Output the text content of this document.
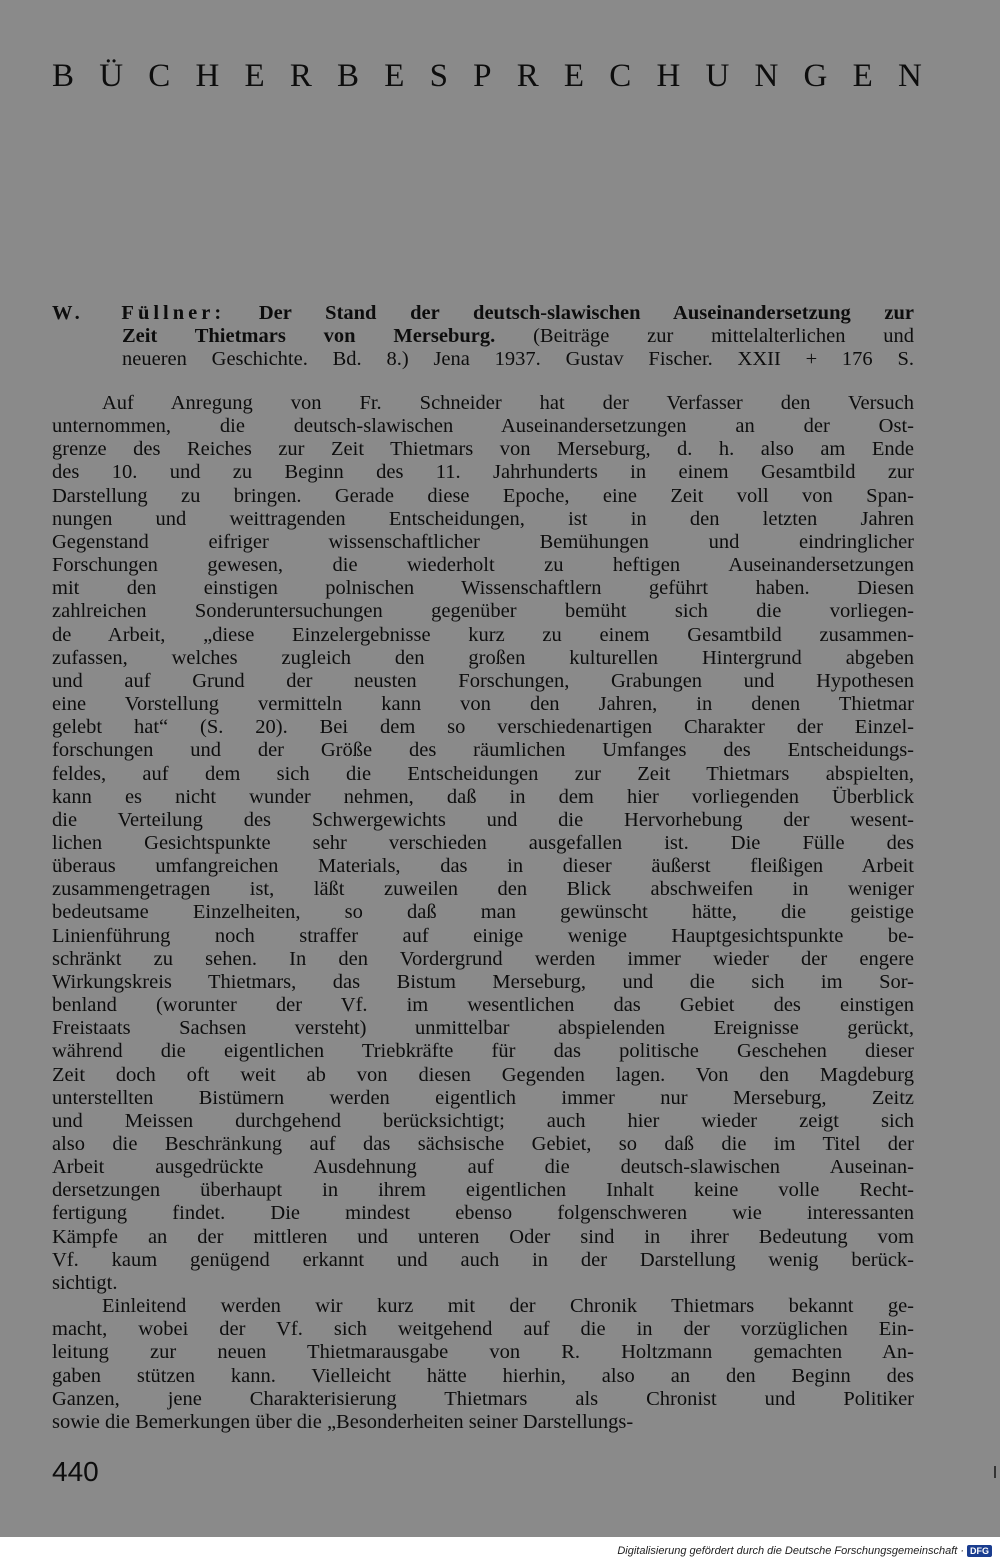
B Ü C H E R B E S P R E C H U N G E N

W. Füllner: Der Stand der deutsch-slawischen Auseinandersetzung zur

Zeit Thietmars von Merseburg. (Beiträge zur mittelalterlichen und

neueren Geschichte. Bd. 8.) Jena 1937. Gustav Fischer. XXII + 176 S.

Auf Anregung von Fr. Schneider hat der Verfasser den Versuch
unternommen, die deutsch-slawischen Auseinandersetzungen an der Ost-
grenze des Reiches zur Zeit Thietmars von Merseburg, d. h. also am Ende
des 10. und zu Beginn des 11. Jahrhunderts in einem Gesamtbild zur
Darstellung zu bringen. Gerade diese Epoche, eine Zeit voll von Span-
nungen und weittragenden Entscheidungen, ist in den letzten Jahren
Gegenstand eifriger wissenschaftlicher Bemühungen und eindringlicher
Forschungen gewesen, die wiederholt zu heftigen Auseinandersetzungen
mit den einstigen polnischen Wissenschaftlern geführt haben. Diesen
zahlreichen Sonderuntersuchungen gegenüber bemüht sich die vorliegen-
de Arbeit, „diese Einzelergebnisse kurz zu einem Gesamtbild zusammen-
zufassen, welches zugleich den großen kulturellen Hintergrund abgeben
und auf Grund der neusten Forschungen, Grabungen und Hypothesen
eine Vorstellung vermitteln kann von den Jahren, in denen Thietmar
gelebt hat“ (S. 20). Bei dem so verschiedenartigen Charakter der Einzel-
forschungen und der Größe des räumlichen Umfanges des Entscheidungs-
feldes, auf dem sich die Entscheidungen zur Zeit Thietmars abspielten,
kann es nicht wunder nehmen, daß in dem hier vorliegenden Überblick
die Verteilung des Schwergewichts und die Hervorhebung der wesent-
lichen Gesichtspunkte sehr verschieden ausgefallen ist. Die Fülle des
überaus umfangreichen Materials, das in dieser äußerst fleißigen Arbeit
zusammengetragen ist, läßt zuweilen den Blick abschweifen in weniger
bedeutsame Einzelheiten, so daß man gewünscht hätte, die geistige
Linienführung noch straffer auf einige wenige Hauptgesichtspunkte be-
schränkt zu sehen. In den Vordergrund werden immer wieder der engere
Wirkungskreis Thietmars, das Bistum Merseburg, und die sich im Sor-
benland (worunter der Vf. im wesentlichen das Gebiet des einstigen
Freistaats Sachsen versteht) unmittelbar abspielenden Ereignisse gerückt,
während die eigentlichen Triebkräfte für das politische Geschehen dieser
Zeit doch oft weit ab von diesen Gegenden lagen. Von den Magdeburg
unterstellten Bistümern werden eigentlich immer nur Merseburg, Zeitz
und Meissen durchgehend berücksichtigt; auch hier wieder zeigt sich
also die Beschränkung auf das sächsische Gebiet, so daß die im Titel der
Arbeit ausgedrückte Ausdehnung auf die deutsch-slawischen Auseinan-
dersetzungen überhaupt in ihrem eigentlichen Inhalt keine volle Recht-
fertigung findet. Die mindest ebenso folgenschweren wie interessanten
Kämpfe an der mittleren und unteren Oder sind in ihrer Bedeutung vom
Vf. kaum genügend erkannt und auch in der Darstellung wenig berück-
sichtigt.
Einleitend werden wir kurz mit der Chronik Thietmars bekannt ge-
macht, wobei der Vf. sich weitgehend auf die in der vorzüglichen Ein-
leitung zur neuen Thietmarausgabe von R. Holtzmann gemachten An-
gaben stützen kann. Vielleicht hätte hierhin, also an den Beginn des
Ganzen, jene Charakterisierung Thietmars als Chronist und Politiker
sowie die Bemerkungen über die „Besonderheiten seiner Darstellungs-
440
Digitalisierung gefördert durch die Deutsche Forschungsgemeinschaft · DFG
